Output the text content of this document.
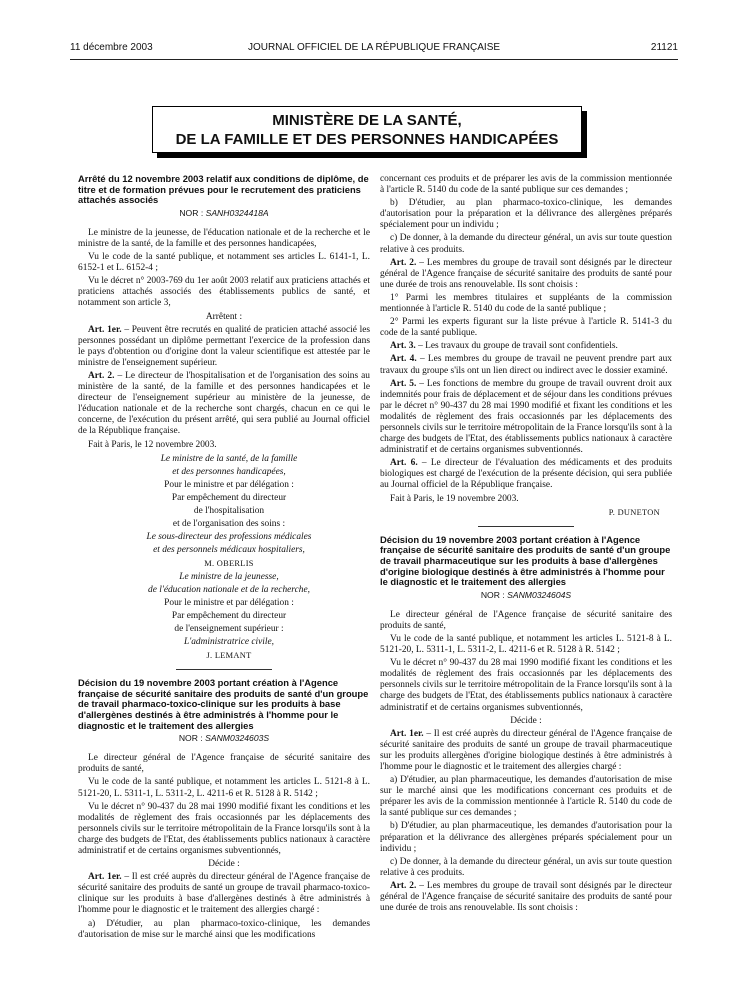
11 décembre 2003	JOURNAL OFFICIEL DE LA RÉPUBLIQUE FRANÇAISE	21121
MINISTÈRE DE LA SANTÉ,
DE LA FAMILLE ET DES PERSONNES HANDICAPÉES
Arrêté du 12 novembre 2003 relatif aux conditions de diplôme, de titre et de formation prévues pour le recrutement des praticiens attachés associés
NOR : SANH0324418A

Le ministre de la jeunesse, de l'éducation nationale et de la recherche et le ministre de la santé, de la famille et des personnes handicapées,

Vu le code de la santé publique, et notamment ses articles L. 6141-1, L. 6152-1 et L. 6152-4 ;

Vu le décret n° 2003-769 du 1er août 2003 relatif aux praticiens attachés et praticiens attachés associés des établissements publics de santé, et notamment son article 3,

Arrêtent :

Art. 1er. – Peuvent être recrutés en qualité de praticien attaché associé les personnes possédant un diplôme permettant l'exercice de la profession dans le pays d'obtention ou d'origine dont la valeur scientifique est attestée par le ministre de l'enseignement supérieur.

Art. 2. – Le directeur de l'hospitalisation et de l'organisation des soins au ministère de la santé, de la famille et des personnes handicapées et le directeur de l'enseignement supérieur au ministère de la jeunesse, de l'éducation nationale et de la recherche sont chargés, chacun en ce qui le concerne, de l'exécution du présent arrêté, qui sera publié au Journal officiel de la République française.

Fait à Paris, le 12 novembre 2003.

Le ministre de la santé, de la famille

et des personnes handicapées,

Pour le ministre et par délégation :

Par empêchement du directeur

de l'hospitalisation

et de l'organisation des soins :

Le sous-directeur des professions médicales

et des personnels médicaux hospitaliers,

M. OBERLIS

Le ministre de la jeunesse,

de l'éducation nationale et de la recherche,

Pour le ministre et par délégation :

Par empêchement du directeur

de l'enseignement supérieur :

L'administratrice civile,

J. LEMANT

Décision du 19 novembre 2003 portant création à l'Agence française de sécurité sanitaire des produits de santé d'un groupe de travail pharmaco-toxico-clinique sur les produits à base d'allergènes destinés à être administrés à l'homme pour le diagnostic et le traitement des allergies
NOR : SANM0324603S

Le directeur général de l'Agence française de sécurité sanitaire des produits de santé,

Vu le code de la santé publique, et notamment les articles L. 5121-8 à L. 5121-20, L. 5311-1, L. 5311-2, L. 4211-6 et R. 5128 à R. 5142 ;

Vu le décret n° 90-437 du 28 mai 1990 modifié fixant les conditions et les modalités de règlement des frais occasionnés par les déplacements des personnels civils sur le territoire métropolitain de la France lorsqu'ils sont à la charge des budgets de l'Etat, des établissements publics nationaux à caractère administratif et de certains organismes subventionnés,

Décide :

Art. 1er. – Il est créé auprès du directeur général de l'Agence française de sécurité sanitaire des produits de santé un groupe de travail pharmaco-toxico-clinique sur les produits à base d'allergènes destinés à être administrés à l'homme pour le diagnostic et le traitement des allergies chargé :

a) D'étudier, au plan pharmaco-toxico-clinique, les demandes d'autorisation de mise sur le marché ainsi que les modifications

concernant ces produits et de préparer les avis de la commission mentionnée à l'article R. 5140 du code de la santé publique sur ces demandes ;

b) D'étudier, au plan pharmaco-toxico-clinique, les demandes d'autorisation pour la préparation et la délivrance des allergènes préparés spécialement pour un individu ;

c) De donner, à la demande du directeur général, un avis sur toute question relative à ces produits.

Art. 2. – Les membres du groupe de travail sont désignés par le directeur général de l'Agence française de sécurité sanitaire des produits de santé pour une durée de trois ans renouvelable. Ils sont choisis :

1° Parmi les membres titulaires et suppléants de la commission mentionnée à l'article R. 5140 du code de la santé publique ;

2° Parmi les experts figurant sur la liste prévue à l'article R. 5141-3 du code de la santé publique.

Art. 3. – Les travaux du groupe de travail sont confidentiels.

Art. 4. – Les membres du groupe de travail ne peuvent prendre part aux travaux du groupe s'ils ont un lien direct ou indirect avec le dossier examiné.

Art. 5. – Les fonctions de membre du groupe de travail ouvrent droit aux indemnités pour frais de déplacement et de séjour dans les conditions prévues par le décret n° 90-437 du 28 mai 1990 modifié et fixant les conditions et les modalités de règlement des frais occasionnés par les déplacements des personnels civils sur le territoire métropolitain de la France lorsqu'ils sont à la charge des budgets de l'Etat, des établissements publics nationaux à caractère administratif et de certains organismes subventionnés.

Art. 6. – Le directeur de l'évaluation des médicaments et des produits biologiques est chargé de l'exécution de la présente décision, qui sera publiée au Journal officiel de la République française.

Fait à Paris, le 19 novembre 2003.

P. DUNETON

Décision du 19 novembre 2003 portant création à l'Agence française de sécurité sanitaire des produits de santé d'un groupe de travail pharmaceutique sur les produits à base d'allergènes d'origine biologique destinés à être administrés à l'homme pour le diagnostic et le traitement des allergies
NOR : SANM0324604S

Le directeur général de l'Agence française de sécurité sanitaire des produits de santé,

Vu le code de la santé publique, et notamment les articles L. 5121-8 à L. 5121-20, L. 5311-1, L. 5311-2, L. 4211-6 et R. 5128 à R. 5142 ;

Vu le décret n° 90-437 du 28 mai 1990 modifié fixant les conditions et les modalités de règlement des frais occasionnés par les déplacements des personnels civils sur le territoire métropolitain de la France lorsqu'ils sont à la charge des budgets de l'Etat, des établissements publics nationaux à caractère administratif et de certains organismes subventionnés,

Décide :

Art. 1er. – Il est créé auprès du directeur général de l'Agence française de sécurité sanitaire des produits de santé un groupe de travail pharmaceutique sur les produits allergènes d'origine biologique destinés à être administrés à l'homme pour le diagnostic et le traitement des allergies chargé :

a) D'étudier, au plan pharmaceutique, les demandes d'autorisation de mise sur le marché ainsi que les modifications concernant ces produits et de préparer les avis de la commission mentionnée à l'article R. 5140 du code de la santé publique sur ces demandes ;

b) D'étudier, au plan pharmaceutique, les demandes d'autorisation pour la préparation et la délivrance des allergènes préparés spécialement pour un individu ;

c) De donner, à la demande du directeur général, un avis sur toute question relative à ces produits.

Art. 2. – Les membres du groupe de travail sont désignés par le directeur général de l'Agence française de sécurité sanitaire des produits de santé pour une durée de trois ans renouvelable. Ils sont choisis :
